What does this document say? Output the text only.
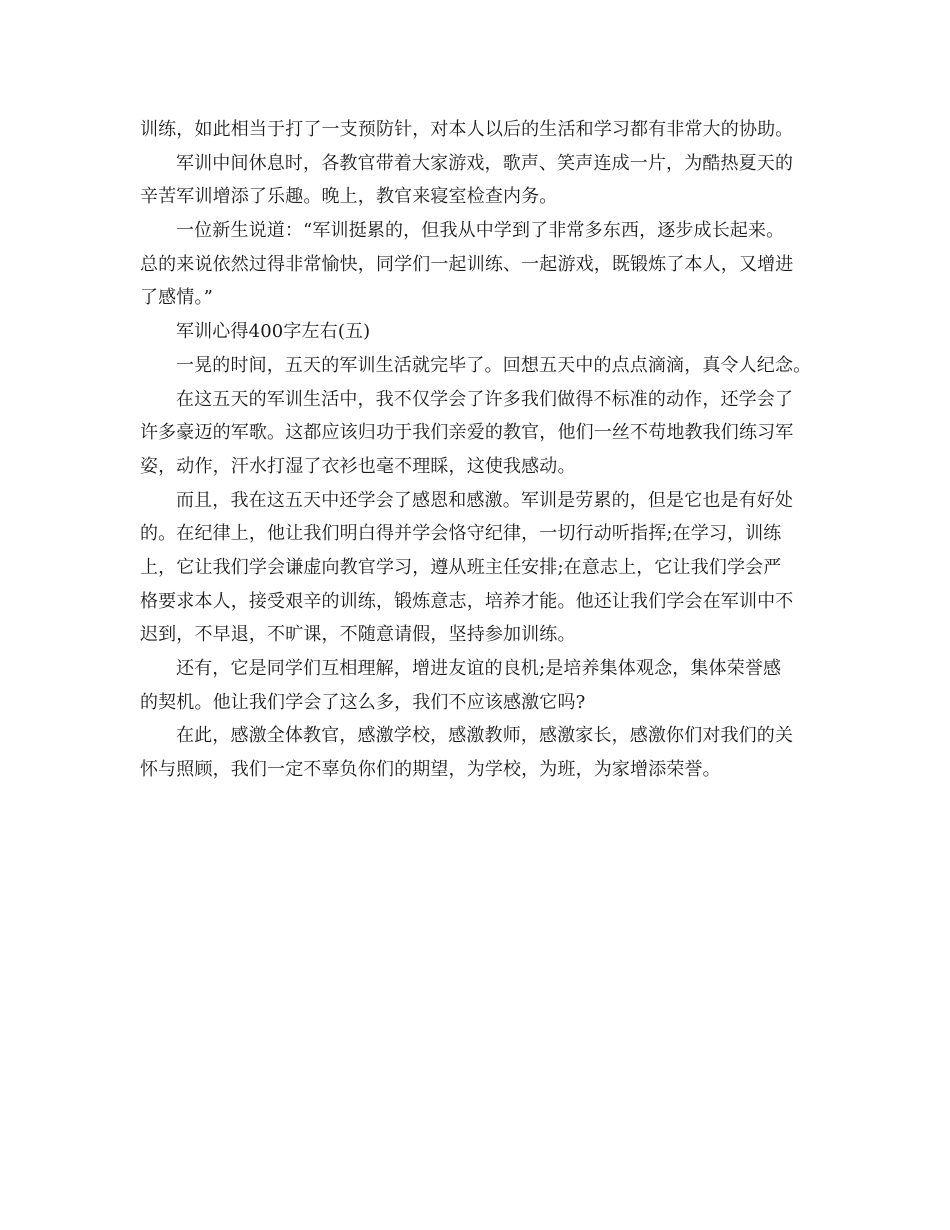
训练，如此相当于打了一支预防针，对本人以后的生活和学习都有非常大的协助。
军训中间休息时，各教官带着大家游戏，歌声、笑声连成一片，为酷热夏天的
辛苦军训增添了乐趣。晚上，教官来寝室检查内务。
一位新生说道：“军训挺累的，但我从中学到了非常多东西，逐步成长起来。
总的来说依然过得非常愉快，同学们一起训练、一起游戏，既锻炼了本人，又增进
了感情。”
军训心得400字左右(五)
一晃的时间，五天的军训生活就完毕了。回想五天中的点点滴滴，真令人纪念。
在这五天的军训生活中，我不仅学会了许多我们做得不标准的动作，还学会了
许多豪迈的军歌。这都应该归功于我们亲爱的教官，他们一丝不苟地教我们练习军
姿，动作，汗水打湿了衣衫也毫不理睬，这使我感动。
而且，我在这五天中还学会了感恩和感激。军训是劳累的，但是它也是有好处
的。在纪律上，他让我们明白得并学会恪守纪律，一切行动听指挥;在学习，训练
上，它让我们学会谦虚向教官学习，遵从班主任安排;在意志上，它让我们学会严
格要求本人，接受艰辛的训练，锻炼意志，培养才能。他还让我们学会在军训中不
迟到，不早退，不旷课，不随意请假，坚持参加训练。
还有，它是同学们互相理解，增进友谊的良机;是培养集体观念，集体荣誉感
的契机。他让我们学会了这么多，我们不应该感激它吗?
在此，感激全体教官，感激学校，感激教师，感激家长，感激你们对我们的关
怀与照顾，我们一定不辜负你们的期望，为学校，为班，为家增添荣誉。
